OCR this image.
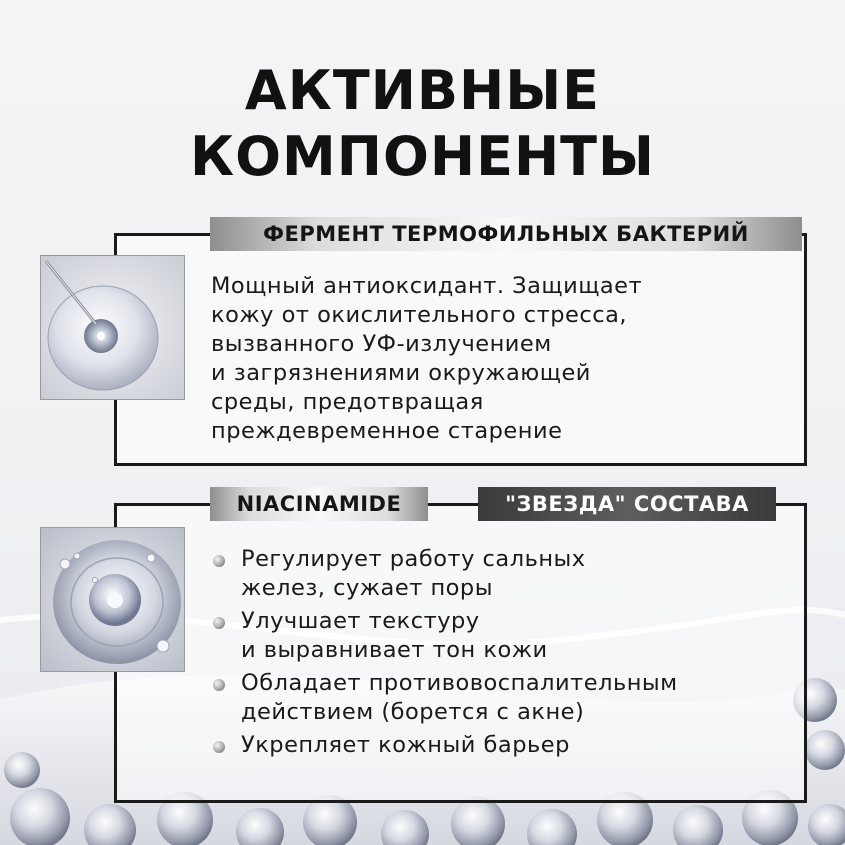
АКТИВНЫЕ
КОМПОНЕНТЫ
ФЕРМЕНТ ТЕРМОФИЛЬНЫХ БАКТЕРИЙ
Мощный антиоксидант. Защищает
кожу от окислительного стресса,
вызванного УФ-излучением
и загрязнениями окружающей
среды, предотвращая
преждевременное старение
NIACINAMIDE	"ЗВЕЗДА" СОСТАВА
Регулирует работу сальных
желез, сужает поры
Улучшает текстуру
и выравнивает тон кожи
Обладает противовоспалительным
действием (борется с акне)
Укрепляет кожный барьер
